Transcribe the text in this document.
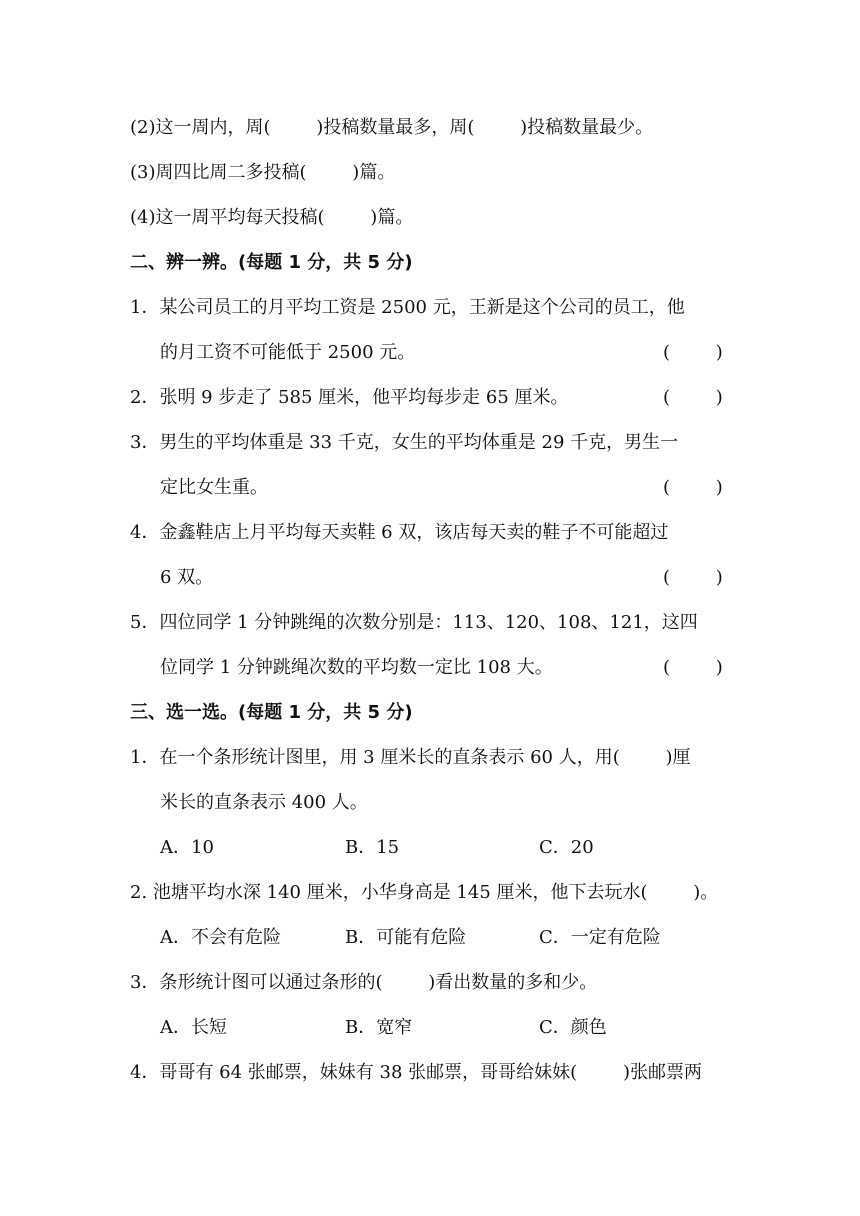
(2)这一周内，周(        )投稿数量最多，周(        )投稿数量最少。
(3)周四比周二多投稿(        )篇。
(4)这一周平均每天投稿(        )篇。
二、辨一辨。(每题 1 分，共 5 分)
1．某公司员工的月平均工资是 2500 元，王新是这个公司的员工，他
的月工资不可能低于 2500 元。	(        )
2．张明 9 步走了 585 厘米，他平均每步走 65 厘米。	(        )
3．男生的平均体重是 33 千克，女生的平均体重是 29 千克，男生一
定比女生重。	(        )
4．金鑫鞋店上月平均每天卖鞋 6 双，该店每天卖的鞋子不可能超过
6 双。	(        )
5．四位同学 1 分钟跳绳的次数分别是：113、120、108、121，这四
位同学 1 分钟跳绳次数的平均数一定比 108 大。	(        )
三、选一选。(每题 1 分，共 5 分)
1．在一个条形统计图里，用 3 厘米长的直条表示 60 人，用(        )厘
米长的直条表示 400 人。
A．10	B．15	C．20
2. 池塘平均水深 140 厘米，小华身高是 145 厘米，他下去玩水(        )。
A．不会有危险	B．可能有危险	C．一定有危险
3．条形统计图可以通过条形的(        )看出数量的多和少。
A．长短	B．宽窄	C．颜色
4．哥哥有 64 张邮票，妹妹有 38 张邮票，哥哥给妹妹(        )张邮票两
